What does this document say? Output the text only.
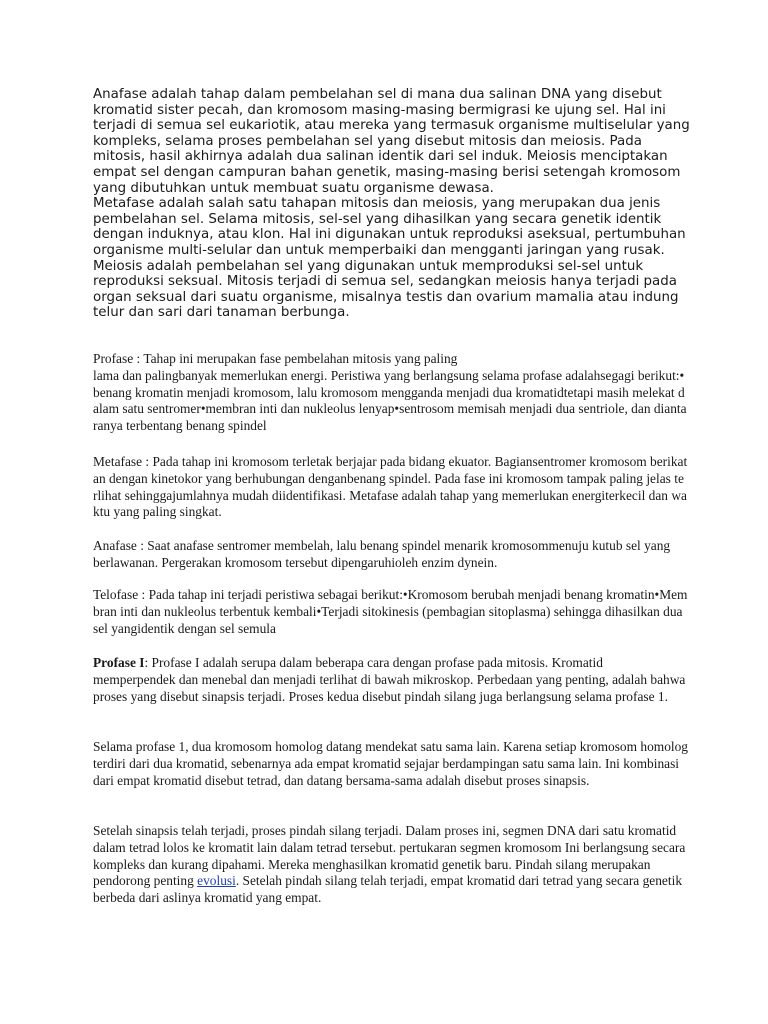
Anafase adalah tahap dalam pembelahan sel di mana dua salinan DNA yang disebut kromatid sister pecah, dan kromosom masing-masing bermigrasi ke ujung sel. Hal ini terjadi di semua sel eukariotik, atau mereka yang termasuk organisme multiselular yang kompleks, selama proses pembelahan sel yang disebut mitosis dan meiosis. Pada mitosis, hasil akhirnya adalah dua salinan identik dari sel induk. Meiosis menciptakan empat sel dengan campuran bahan genetik, masing-masing berisi setengah kromosom yang dibutuhkan untuk membuat suatu organisme dewasa.

Metafase adalah salah satu tahapan mitosis dan meiosis, yang merupakan dua jenis pembelahan sel. Selama mitosis, sel-sel yang dihasilkan yang secara genetik identik dengan induknya, atau klon. Hal ini digunakan untuk reproduksi aseksual, pertumbuhan organisme multi-selular dan untuk memperbaiki dan mengganti jaringan yang rusak. Meiosis adalah pembelahan sel yang digunakan untuk memproduksi sel-sel untuk reproduksi seksual. Mitosis terjadi di semua sel, sedangkan meiosis hanya terjadi pada organ seksual dari suatu organisme, misalnya testis dan ovarium mamalia atau indung telur dan sari dari tanaman berbunga.

Profase : Tahap ini merupakan fase pembelahan mitosis yang paling

lama dan palingbanyak memerlukan energi. Peristiwa yang berlangsung selama profase adalahsegagi berikut:•benang kromatin menjadi kromosom, lalu kromosom mengganda menjadi dua kromatidtetapi masih melekat dalam satu sentromer•membran inti dan nukleolus lenyap•sentrosom memisah menjadi dua sentriole, dan diantaranya terbentang benang spindel

Metafase : Pada tahap ini kromosom terletak berjajar pada bidang ekuator. Bagiansentromer kromosom berikatan dengan kinetokor yang berhubungan denganbenang spindel. Pada fase ini kromosom tampak paling jelas terlihat sehinggajumlahnya mudah diidentifikasi. Metafase adalah tahap yang memerlukan energiterkecil dan waktu yang paling singkat.

Anafase : Saat anafase sentromer membelah, lalu benang spindel menarik kromosommenuju kutub sel yang berlawanan. Pergerakan kromosom tersebut dipengaruhioleh enzim dynein.

Telofase : Pada tahap ini terjadi peristiwa sebagai berikut:•Kromosom berubah menjadi benang kromatin•Membran inti dan nukleolus terbentuk kembali•Terjadi sitokinesis (pembagian sitoplasma) sehingga dihasilkan dua sel yangidentik dengan sel semula

Profase I: Profase I adalah serupa dalam beberapa cara dengan profase pada mitosis. Kromatid memperpendek dan menebal dan menjadi terlihat di bawah mikroskop. Perbedaan yang penting, adalah bahwa proses yang disebut sinapsis terjadi. Proses kedua disebut pindah silang juga berlangsung selama profase 1.

Selama profase 1, dua kromosom homolog datang mendekat satu sama lain. Karena setiap kromosom homolog terdiri dari dua kromatid, sebenarnya ada empat kromatid sejajar berdampingan satu sama lain. Ini kombinasi dari empat kromatid disebut tetrad, dan datang bersama-sama adalah disebut proses sinapsis.

Setelah sinapsis telah terjadi, proses pindah silang terjadi. Dalam proses ini, segmen DNA dari satu kromatid dalam tetrad lolos ke kromatit lain dalam tetrad tersebut. pertukaran segmen kromosom Ini berlangsung secara kompleks dan kurang dipahami. Mereka menghasilkan kromatid genetik baru. Pindah silang merupakan pendorong penting evolusi. Setelah pindah silang telah terjadi, empat kromatid dari tetrad yang secara genetik berbeda dari aslinya kromatid yang empat.
